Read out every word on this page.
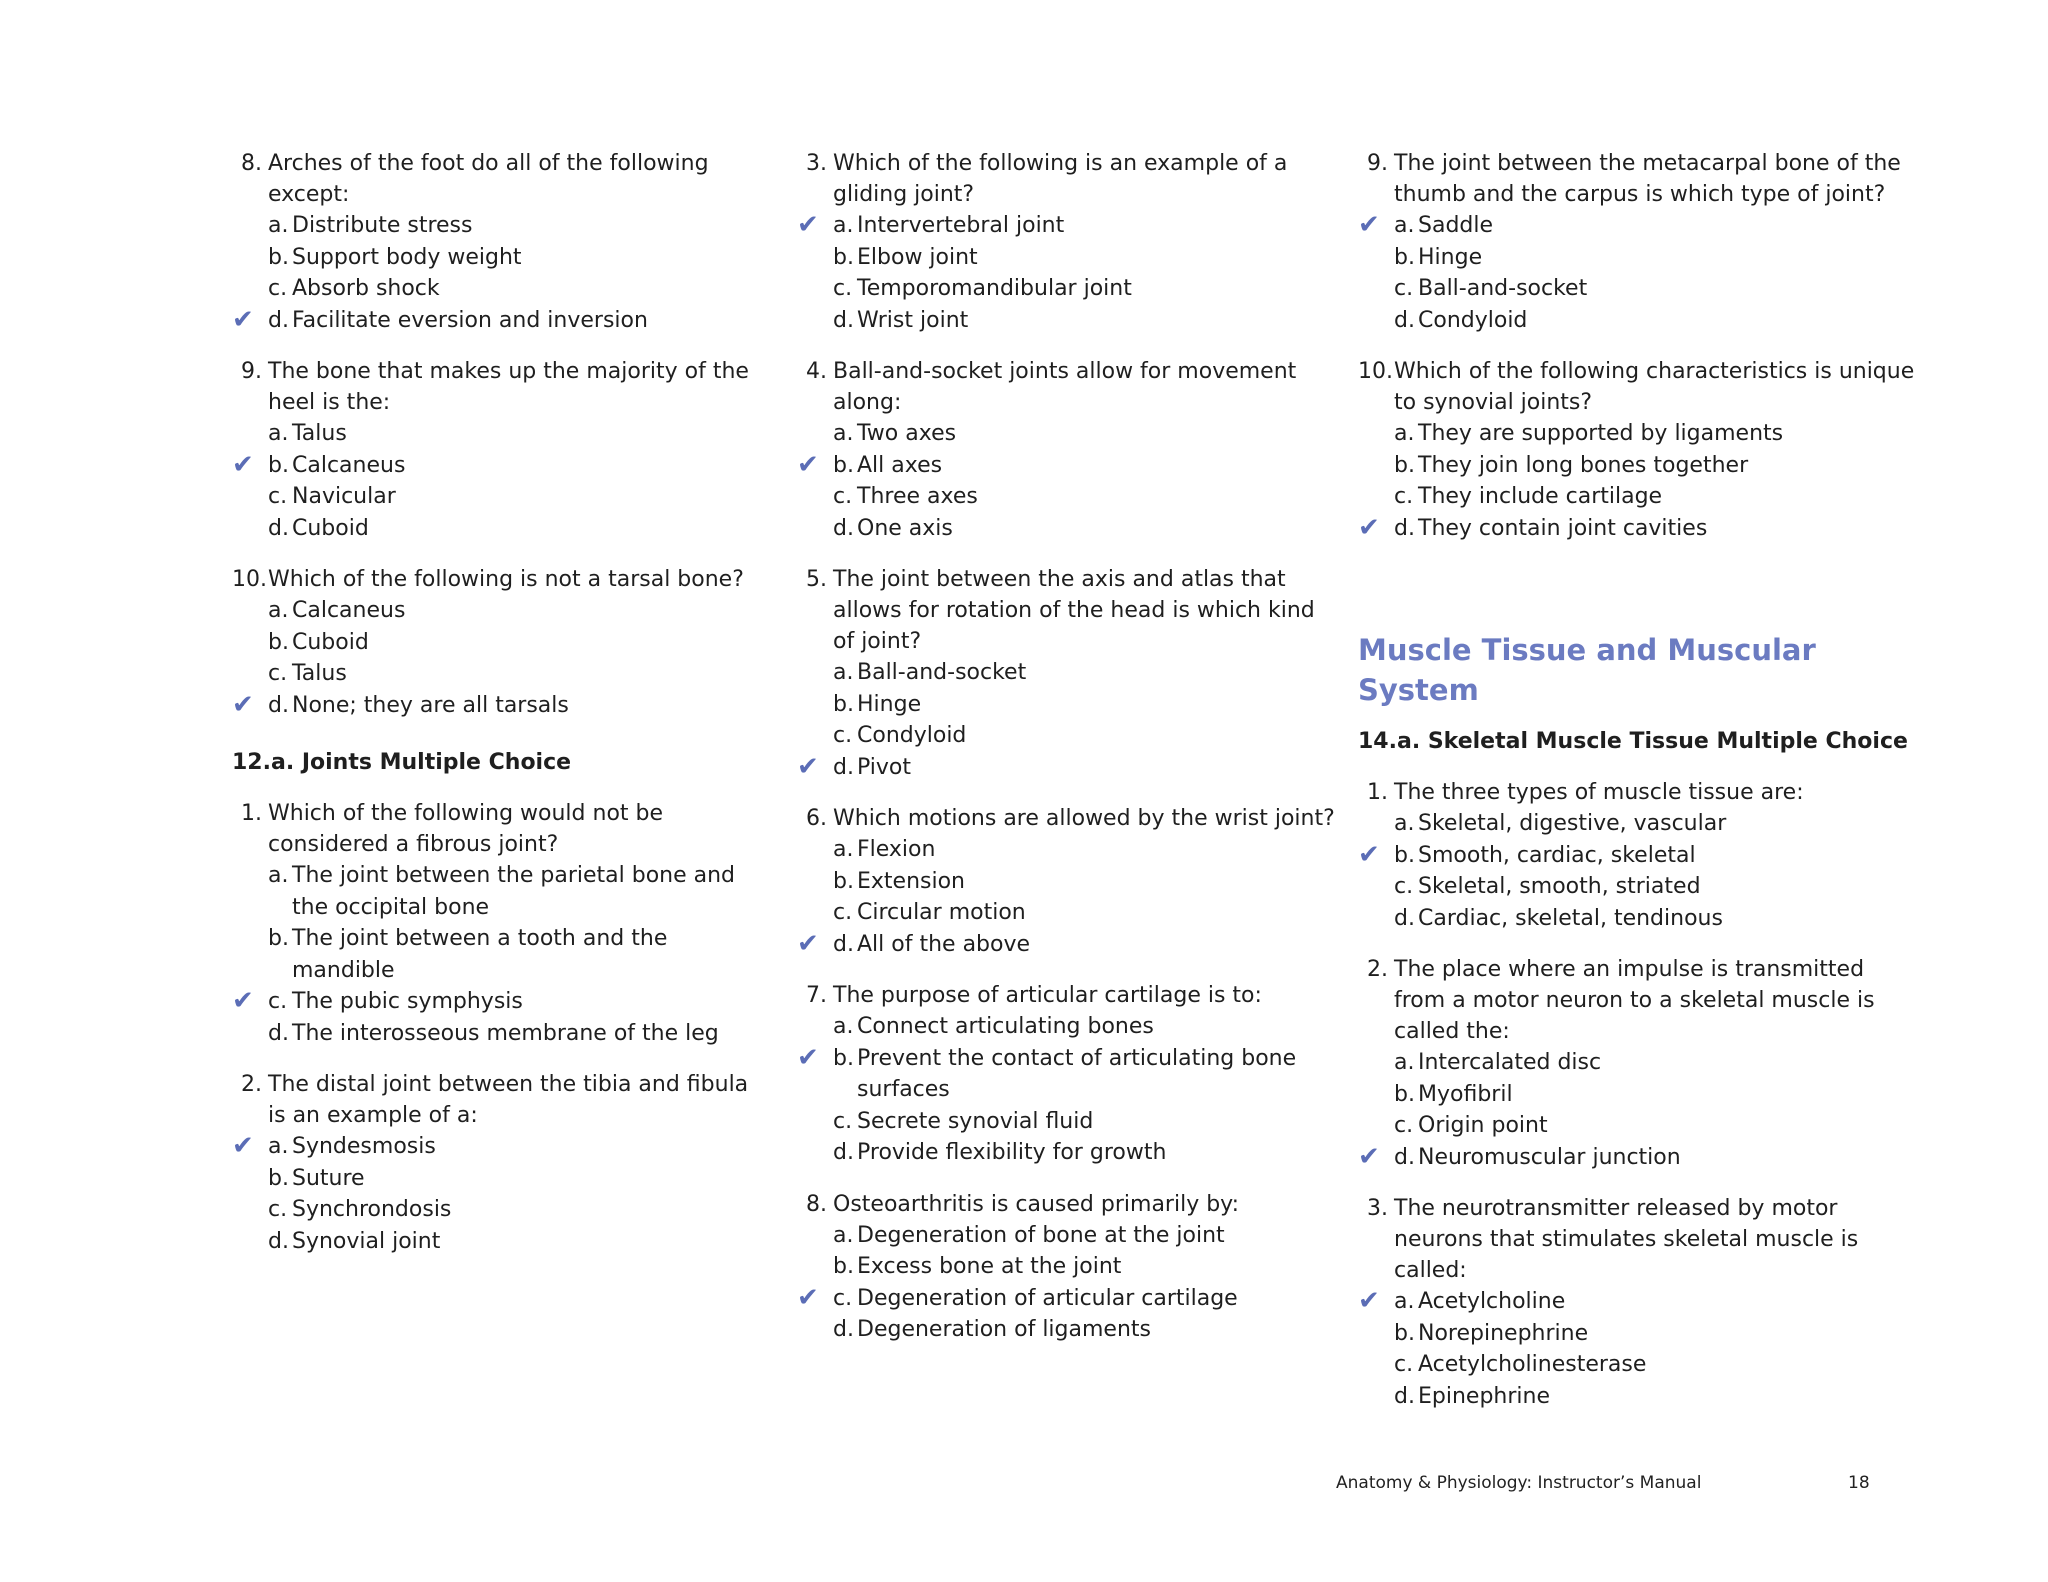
8. Arches of the foot do all of the following except:
a. Distribute stress
b. Support body weight
c. Absorb shock
✔ d. Facilitate eversion and inversion
9. The bone that makes up the majority of the heel is the:
a. Talus
✔ b. Calcaneus
c. Navicular
d. Cuboid
10. Which of the following is not a tarsal bone?
a. Calcaneus
b. Cuboid
c. Talus
✔ d. None; they are all tarsals
12.a. Joints Multiple Choice
1. Which of the following would not be considered a fibrous joint?
a. The joint between the parietal bone and the occipital bone
b. The joint between a tooth and the mandible
✔ c. The pubic symphysis
d. The interosseous membrane of the leg
2. The distal joint between the tibia and fibula is an example of a:
✔ a. Syndesmosis
b. Suture
c. Synchrondosis
d. Synovial joint
3. Which of the following is an example of a gliding joint?
✔ a. Intervertebral joint
b. Elbow joint
c. Temporomandibular joint
d. Wrist joint
4. Ball-and-socket joints allow for movement along:
a. Two axes
✔ b. All axes
c. Three axes
d. One axis
5. The joint between the axis and atlas that allows for rotation of the head is which kind of joint?
a. Ball-and-socket
b. Hinge
c. Condyloid
✔ d. Pivot
6. Which motions are allowed by the wrist joint?
a. Flexion
b. Extension
c. Circular motion
✔ d. All of the above
7. The purpose of articular cartilage is to:
a. Connect articulating bones
✔ b. Prevent the contact of articulating bone surfaces
c. Secrete synovial fluid
d. Provide flexibility for growth
8. Osteoarthritis is caused primarily by:
a. Degeneration of bone at the joint
b. Excess bone at the joint
✔ c. Degeneration of articular cartilage
d. Degeneration of ligaments
9. The joint between the metacarpal bone of the thumb and the carpus is which type of joint?
✔ a. Saddle
b. Hinge
c. Ball-and-socket
d. Condyloid
10. Which of the following characteristics is unique to synovial joints?
a. They are supported by ligaments
b. They join long bones together
c. They include cartilage
✔ d. They contain joint cavities
Muscle Tissue and Muscular System
14.a. Skeletal Muscle Tissue Multiple Choice
1. The three types of muscle tissue are:
a. Skeletal, digestive, vascular
✔ b. Smooth, cardiac, skeletal
c. Skeletal, smooth, striated
d. Cardiac, skeletal, tendinous
2. The place where an impulse is transmitted from a motor neuron to a skeletal muscle is called the:
a. Intercalated disc
b. Myofibril
c. Origin point
✔ d. Neuromuscular junction
3. The neurotransmitter released by motor neurons that stimulates skeletal muscle is called:
✔ a. Acetylcholine
b. Norepinephrine
c. Acetylcholinesterase
d. Epinephrine
Anatomy & Physiology: Instructor’s Manual	18
